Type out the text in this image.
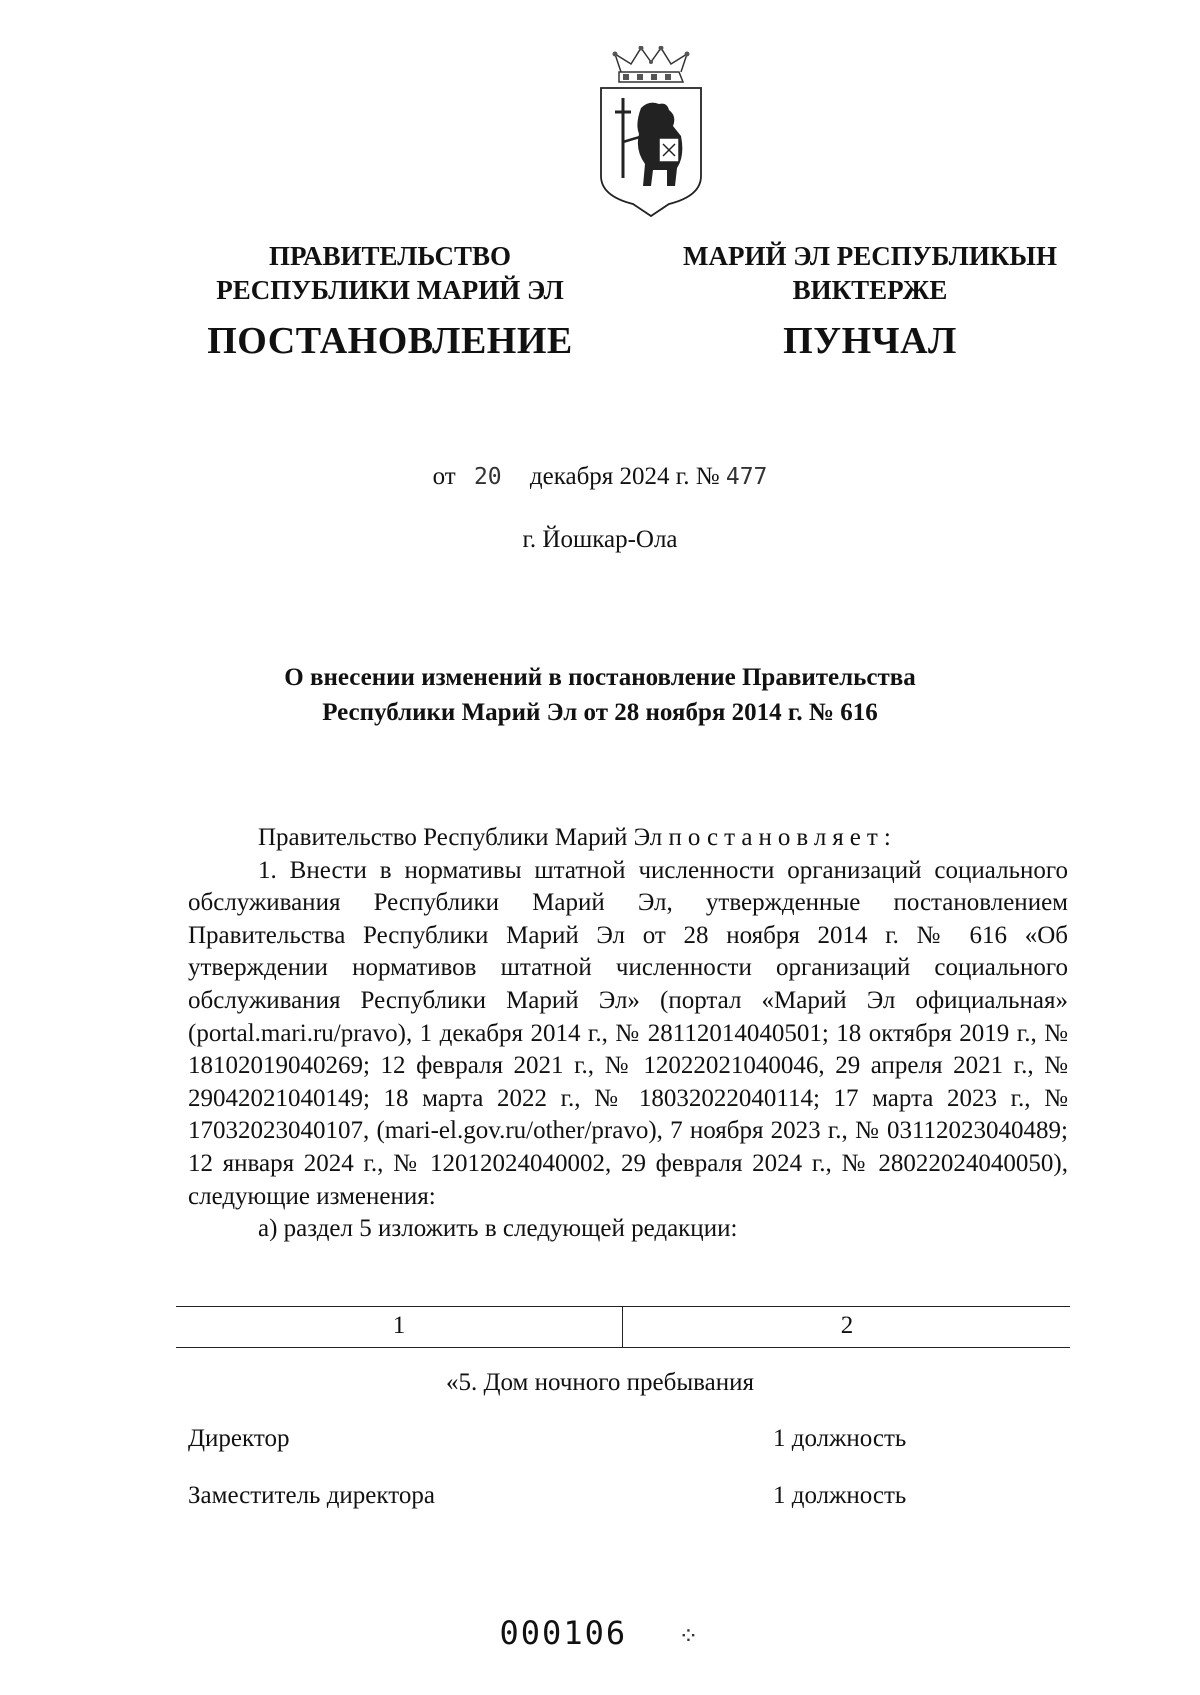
ПРАВИТЕЛЬСТВО
РЕСПУБЛИКИ МАРИЙ ЭЛ
ПОСТАНОВЛЕНИЕ
МАРИЙ ЭЛ РЕСПУБЛИКЫН
ВИКТЕРЖЕ
ПУНЧАЛ
от 20 декабря 2024 г. № 477
г. Йошкар-Ола
О внесении изменений в постановление Правительства
Республики Марий Эл от 28 ноября 2014 г. № 616

Правительство Республики Марий Эл постановляет:

1. Внести в нормативы штатной численности организаций социального обслуживания Республики Марий Эл, утвержденные постановлением Правительства Республики Марий Эл от 28 ноября 2014 г. № 616 «Об утверждении нормативов штатной численности организаций социального обслуживания Республики Марий Эл» (портал «Марий Эл официальная» (portal.mari.ru/pravo), 1 декабря 2014 г., № 28112014040501; 18 октября 2019 г., № 18102019040269; 12 февраля 2021 г., № 12022021040046, 29 апреля 2021 г., № 29042021040149; 18 марта 2022 г., № 18032022040114; 17 марта 2023 г., № 17032023040107, (mari-el.gov.ru/other/pravo), 7 ноября 2023 г., № 03112023040489; 12 января 2024 г., № 12012024040002, 29 февраля 2024 г., № 28022024040050), следующие изменения:

а) раздел 5 изложить в следующей редакции:

1	2
«5. Дом ночного пребывания
Директор	1 должность
Заместитель директора	1 должность
000106 ⁘
